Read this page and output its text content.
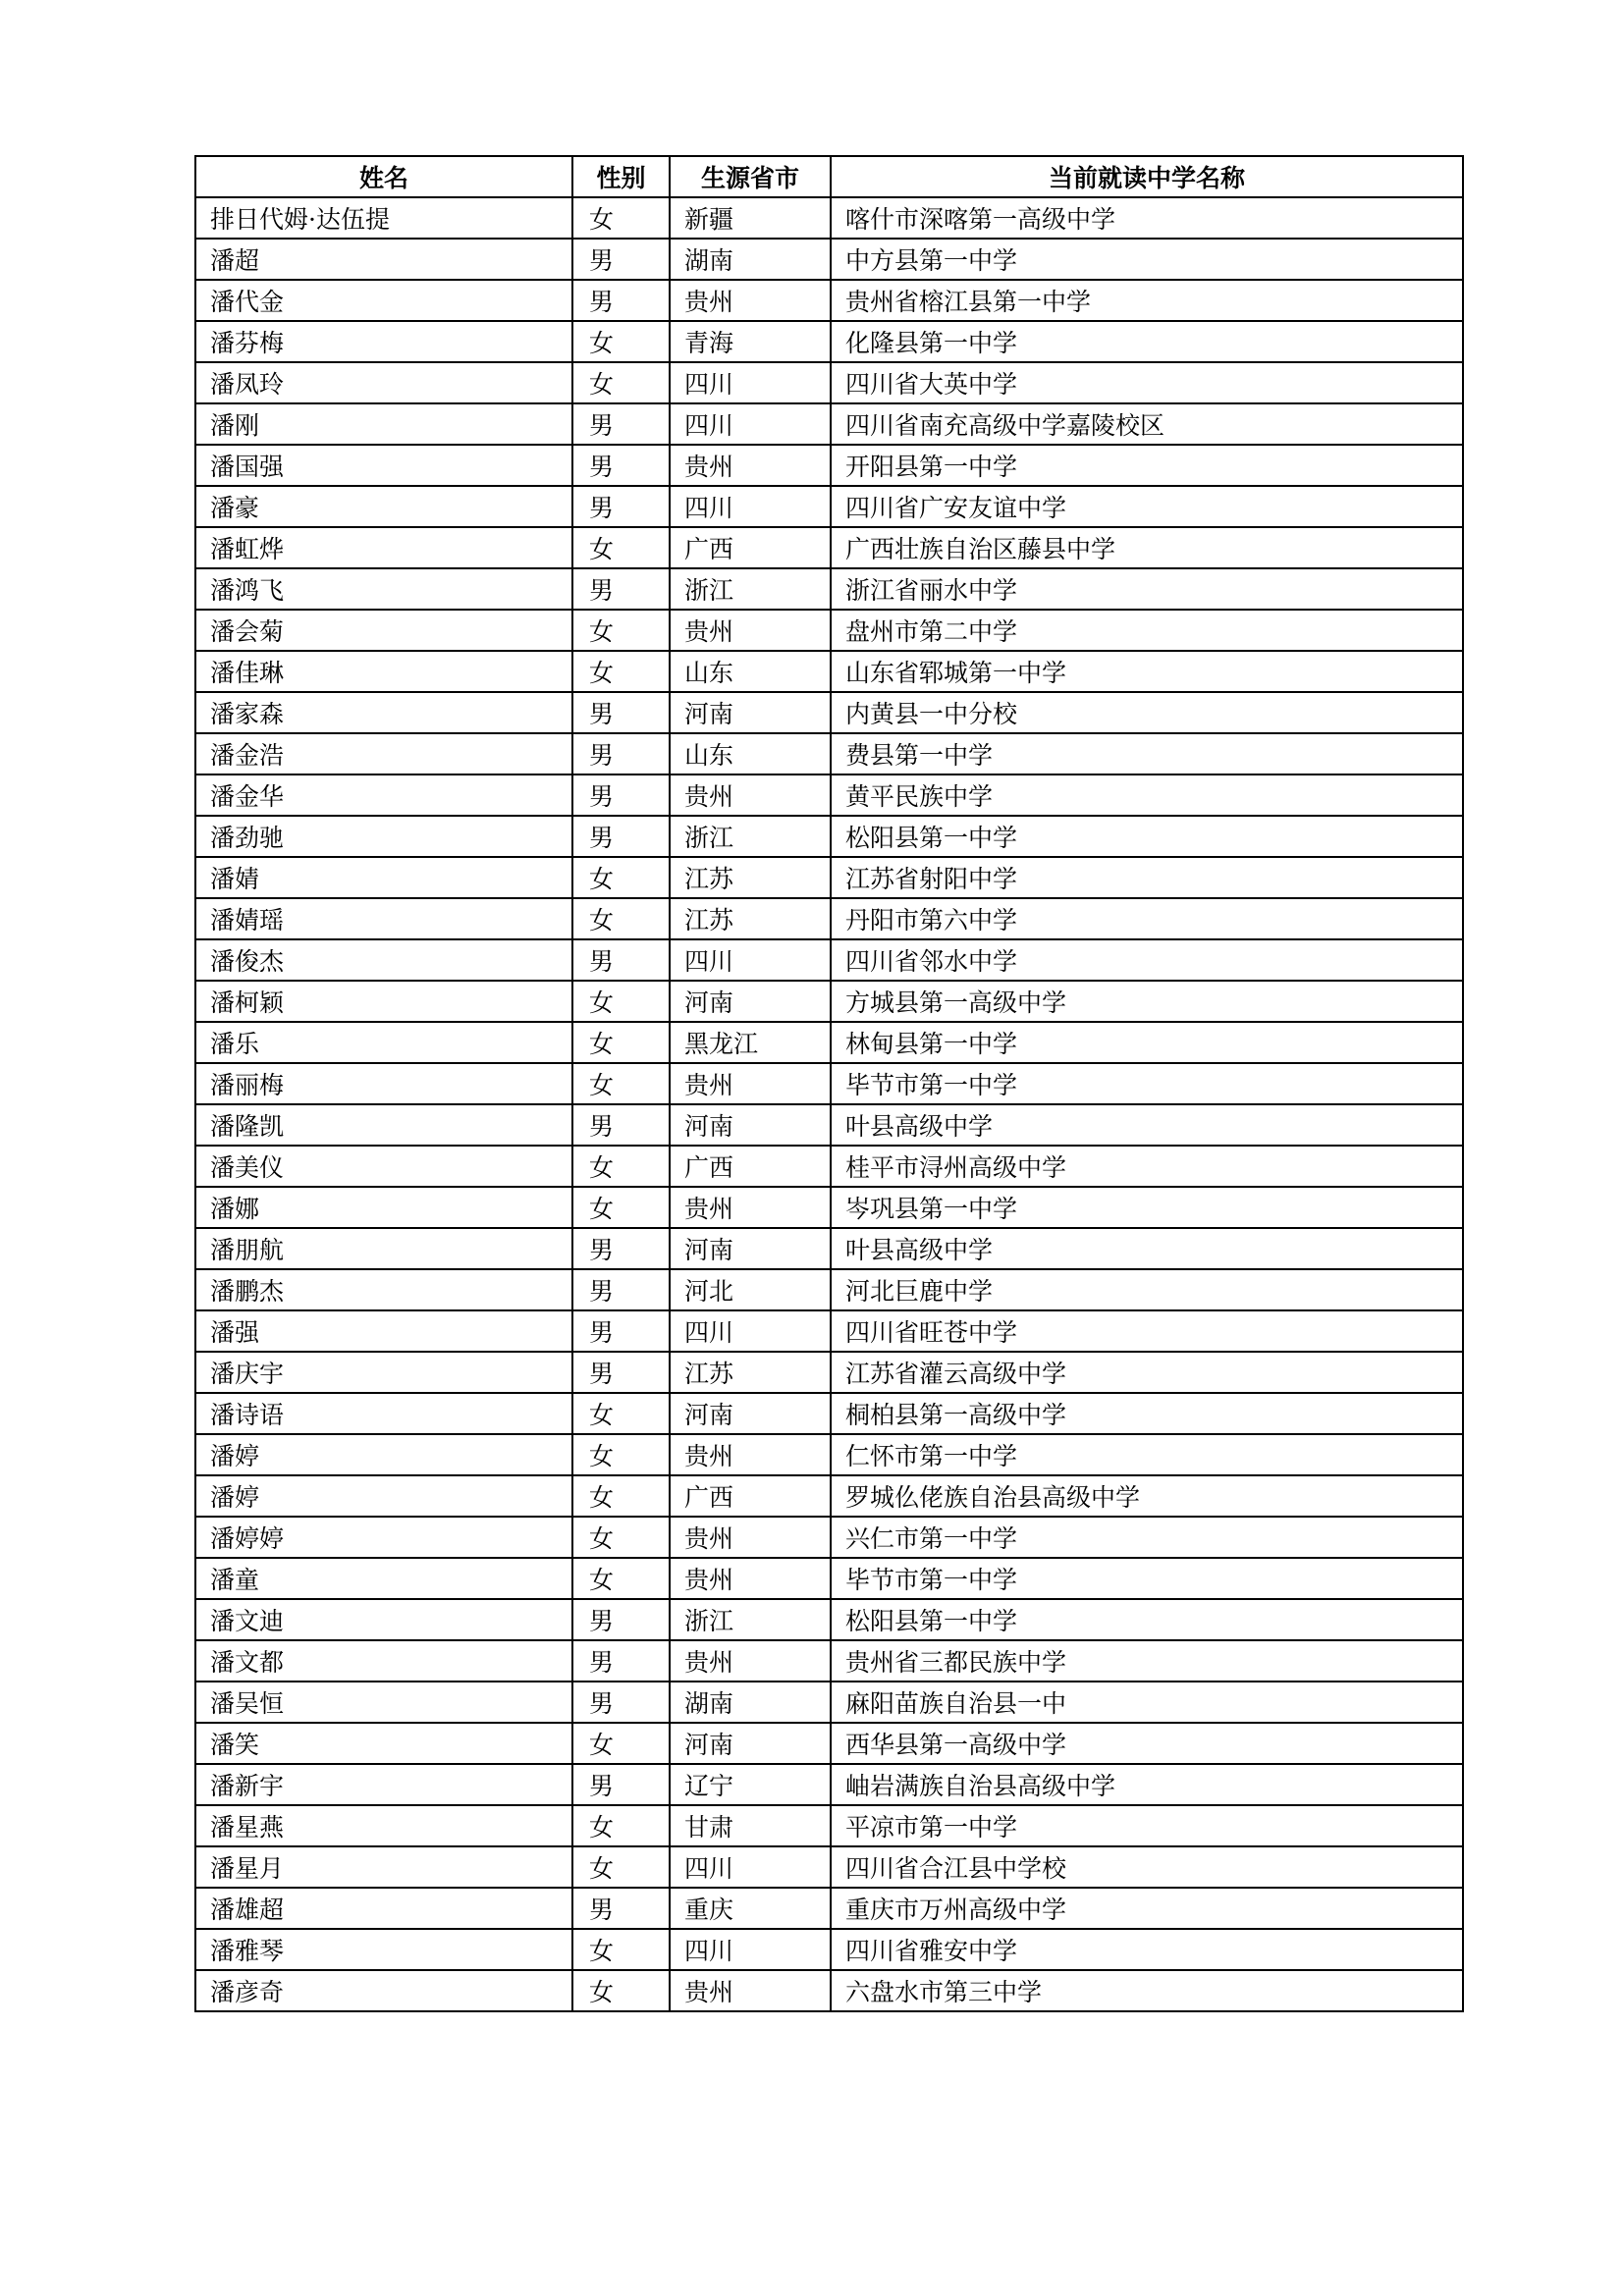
姓名	性别	生源省市	当前就读中学名称
排日代姆·达伍提	女	新疆	喀什市深喀第一高级中学
潘超	男	湖南	中方县第一中学
潘代金	男	贵州	贵州省榕江县第一中学
潘芬梅	女	青海	化隆县第一中学
潘凤玲	女	四川	四川省大英中学
潘刚	男	四川	四川省南充高级中学嘉陵校区
潘国强	男	贵州	开阳县第一中学
潘豪	男	四川	四川省广安友谊中学
潘虹烨	女	广西	广西壮族自治区藤县中学
潘鸿飞	男	浙江	浙江省丽水中学
潘会菊	女	贵州	盘州市第二中学
潘佳琳	女	山东	山东省郓城第一中学
潘家森	男	河南	内黄县一中分校
潘金浩	男	山东	费县第一中学
潘金华	男	贵州	黄平民族中学
潘劲驰	男	浙江	松阳县第一中学
潘婧	女	江苏	江苏省射阳中学
潘婧瑶	女	江苏	丹阳市第六中学
潘俊杰	男	四川	四川省邻水中学
潘柯颖	女	河南	方城县第一高级中学
潘乐	女	黑龙江	林甸县第一中学
潘丽梅	女	贵州	毕节市第一中学
潘隆凯	男	河南	叶县高级中学
潘美仪	女	广西	桂平市浔州高级中学
潘娜	女	贵州	岑巩县第一中学
潘朋航	男	河南	叶县高级中学
潘鹏杰	男	河北	河北巨鹿中学
潘强	男	四川	四川省旺苍中学
潘庆宇	男	江苏	江苏省灌云高级中学
潘诗语	女	河南	桐柏县第一高级中学
潘婷	女	贵州	仁怀市第一中学
潘婷	女	广西	罗城仫佬族自治县高级中学
潘婷婷	女	贵州	兴仁市第一中学
潘童	女	贵州	毕节市第一中学
潘文迪	男	浙江	松阳县第一中学
潘文都	男	贵州	贵州省三都民族中学
潘吴恒	男	湖南	麻阳苗族自治县一中
潘笑	女	河南	西华县第一高级中学
潘新宇	男	辽宁	岫岩满族自治县高级中学
潘星燕	女	甘肃	平凉市第一中学
潘星月	女	四川	四川省合江县中学校
潘雄超	男	重庆	重庆市万州高级中学
潘雅琴	女	四川	四川省雅安中学
潘彦奇	女	贵州	六盘水市第三中学
